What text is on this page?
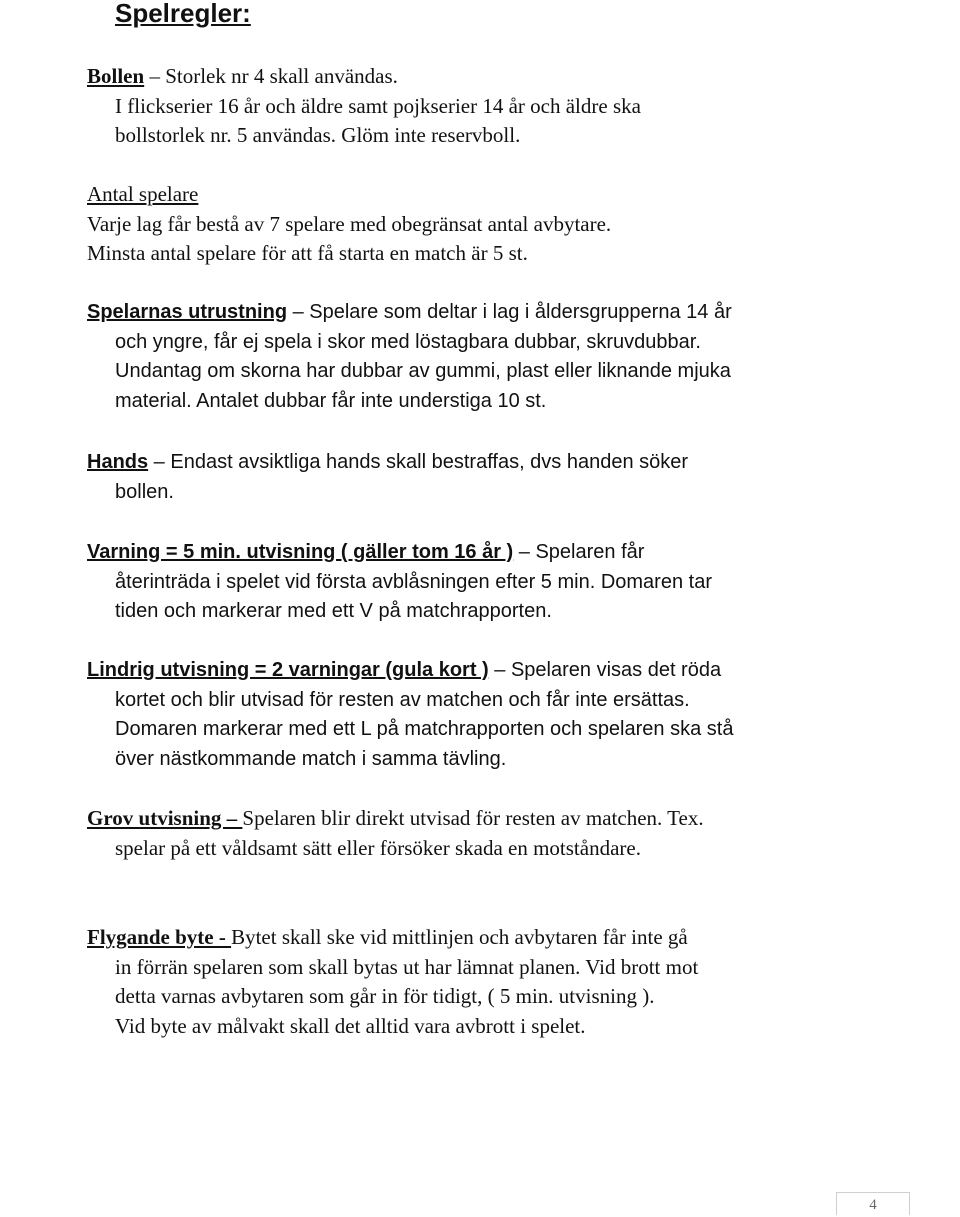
Spelregler:
Bollen – Storlek nr 4 skall användas.
I flickserier 16 år och äldre samt pojkserier 14 år och äldre ska
bollstorlek nr. 5 användas. Glöm inte reservboll.
Antal spelare
Varje lag får bestå av 7 spelare med obegränsat antal avbytare.
Minsta antal spelare för att få starta en match är 5 st.
Spelarnas utrustning – Spelare som deltar i lag i åldersgrupperna 14 år
och yngre, får ej spela i skor med löstagbara dubbar, skruvdubbar.
Undantag om skorna har dubbar av gummi, plast eller liknande mjuka
material. Antalet dubbar får inte understiga 10 st.
Hands – Endast avsiktliga hands skall bestraffas, dvs handen söker
bollen.
Varning = 5 min. utvisning ( gäller tom 16 år ) – Spelaren får
återinträda i spelet vid första avblåsningen efter 5 min. Domaren tar
tiden och markerar med ett V på matchrapporten.
Lindrig utvisning = 2 varningar (gula kort ) – Spelaren visas det röda
kortet och blir utvisad för resten av matchen och får inte ersättas.
Domaren markerar med ett L på matchrapporten och spelaren ska stå
över nästkommande match i samma tävling.
Grov utvisning – Spelaren blir direkt utvisad för resten av matchen. Tex.
spelar på ett våldsamt sätt eller försöker skada en motståndare.
Flygande byte - Bytet skall ske vid mittlinjen och avbytaren får inte gå
in förrän spelaren som skall bytas ut har lämnat planen. Vid brott mot
detta varnas avbytaren som går in för tidigt, ( 5 min. utvisning ).
Vid byte av målvakt skall det alltid vara avbrott i spelet.
4
